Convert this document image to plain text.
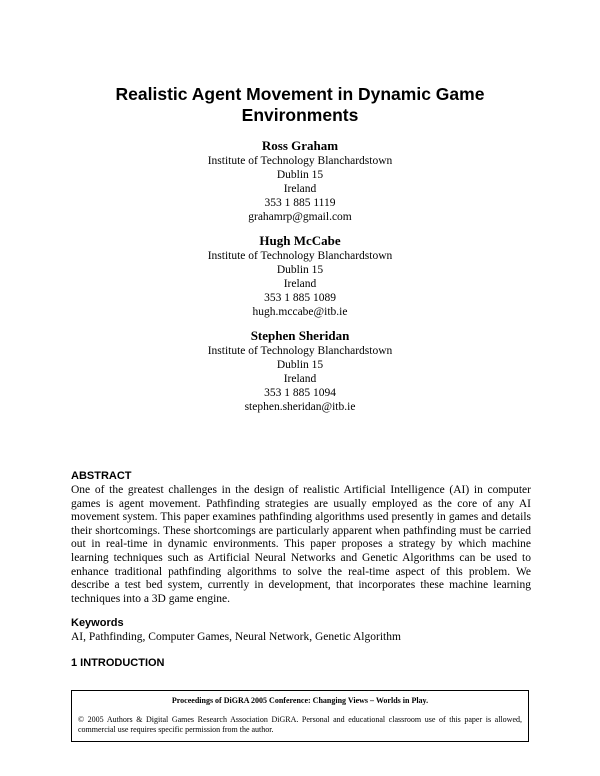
Realistic Agent Movement in Dynamic Game
Environments
Ross Graham
Institute of Technology Blanchardstown
Dublin 15
Ireland
353 1 885 1119
grahamrp@gmail.com
Hugh McCabe
Institute of Technology Blanchardstown
Dublin 15
Ireland
353 1 885 1089
hugh.mccabe@itb.ie
Stephen Sheridan
Institute of Technology Blanchardstown
Dublin 15
Ireland
353 1 885 1094
stephen.sheridan@itb.ie
ABSTRACT
One of the greatest challenges in the design of realistic Artificial Intelligence (AI) in computer games is agent movement. Pathfinding strategies are usually employed as the core of any AI movement system. This paper examines pathfinding algorithms used presently in games and details their shortcomings. These shortcomings are particularly apparent when pathfinding must be carried out in real-time in dynamic environments. This paper proposes a strategy by which machine learning techniques such as Artificial Neural Networks and Genetic Algorithms can be used to enhance traditional pathfinding algorithms to solve the real-time aspect of this problem. We describe a test bed system, currently in development, that incorporates these machine learning techniques into a 3D game engine.
Keywords
AI, Pathfinding, Computer Games, Neural Network, Genetic Algorithm
1 INTRODUCTION
Proceedings of DiGRA 2005 Conference: Changing Views – Worlds in Play.
© 2005 Authors & Digital Games Research Association DiGRA. Personal and educational classroom use of this paper is allowed, commercial use requires specific permission from the author.
